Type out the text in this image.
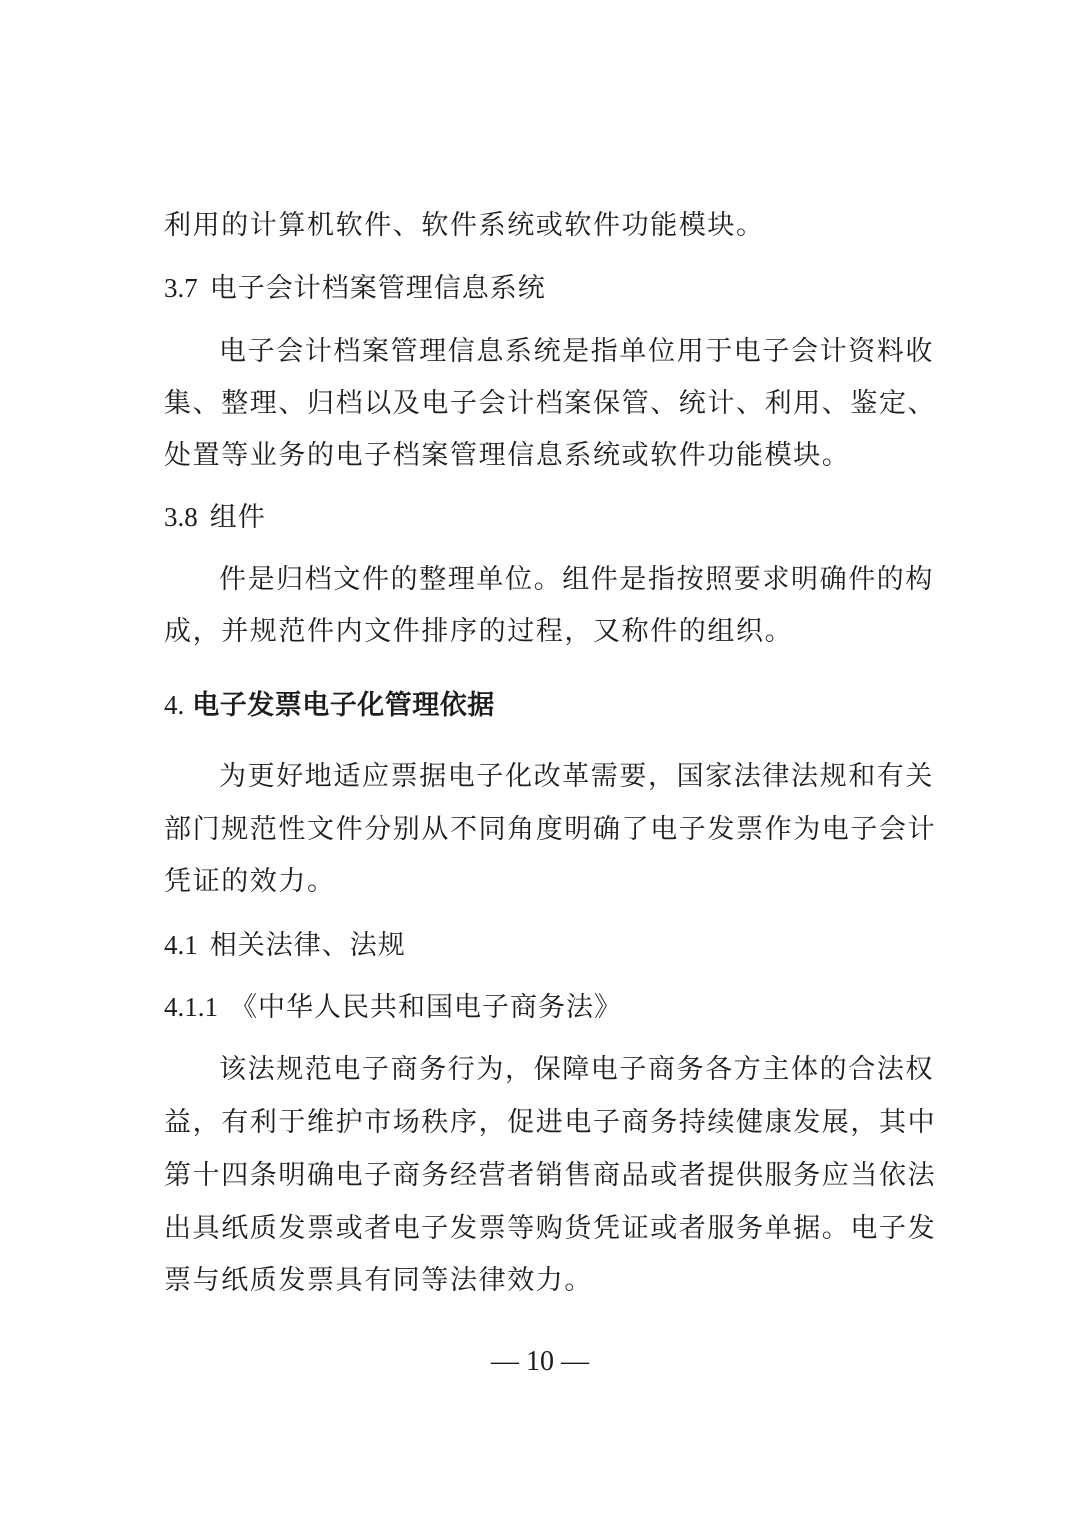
利用的计算机软件、软件系统或软件功能模块。
3.7 电子会计档案管理信息系统
电子会计档案管理信息系统是指单位用于电子会计资料收
集、整理、归档以及电子会计档案保管、统计、利用、鉴定、
处置等业务的电子档案管理信息系统或软件功能模块。
3.8 组件
件是归档文件的整理单位。组件是指按照要求明确件的构
成，并规范件内文件排序的过程，又称件的组织。
4. 电子发票电子化管理依据
为更好地适应票据电子化改革需要，国家法律法规和有关
部门规范性文件分别从不同角度明确了电子发票作为电子会计
凭证的效力。
4.1 相关法律、法规
4.1.1 《中华人民共和国电子商务法》
该法规范电子商务行为，保障电子商务各方主体的合法权
益，有利于维护市场秩序，促进电子商务持续健康发展，其中
第十四条明确电子商务经营者销售商品或者提供服务应当依法
出具纸质发票或者电子发票等购货凭证或者服务单据。电子发
票与纸质发票具有同等法律效力。
— 10 —
